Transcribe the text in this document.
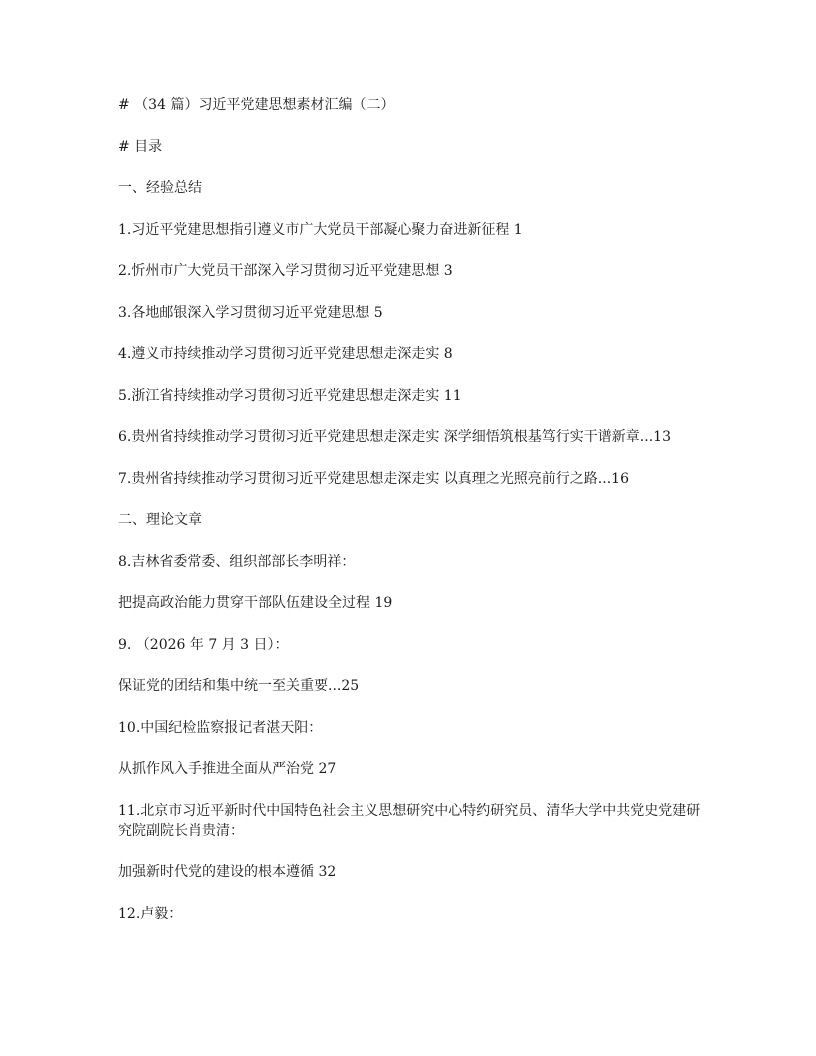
# （34 篇）习近平党建思想素材汇编（二）

# 目录

一、经验总结

1.习近平党建思想指引遵义市广大党员干部凝心聚力奋进新征程 1

2.忻州市广大党员干部深入学习贯彻习近平党建思想 3

3.各地邮银深入学习贯彻习近平党建思想 5

4.遵义市持续推动学习贯彻习近平党建思想走深走实 8

5.浙江省持续推动学习贯彻习近平党建思想走深走实 11

6.贵州省持续推动学习贯彻习近平党建思想走深走实 深学细悟筑根基笃行实干谱新章...13

7.贵州省持续推动学习贯彻习近平党建思想走深走实 以真理之光照亮前行之路...16

二、理论文章

8.吉林省委常委、组织部部长李明祥：

把提高政治能力贯穿干部队伍建设全过程 19

9. （2026 年 7 月 3 日）：

保证党的团结和集中统一至关重要...25

10.中国纪检监察报记者湛天阳：

从抓作风入手推进全面从严治党 27

11.北京市习近平新时代中国特色社会主义思想研究中心特约研究员、清华大学中共党史党建研究院副院长肖贵清：

加强新时代党的建设的根本遵循 32

12.卢毅：
